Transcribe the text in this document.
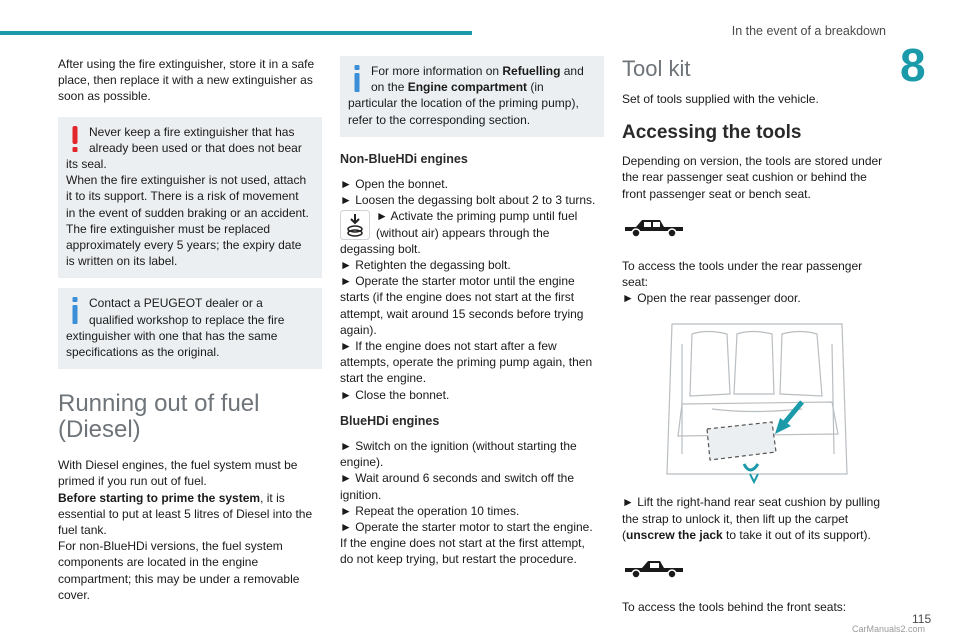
In the event of a breakdown
8

After using the fire extinguisher, store it in a safe
place, then replace it with a new extinguisher as
soon as possible.

Never keep a fire extinguisher that has
already been used or that does not bear
its seal.
When the fire extinguisher is not used, attach
it to its support. There is a risk of movement
in the event of sudden braking or an accident.
The fire extinguisher must be replaced
approximately every 5 years; the expiry date
is written on its label.

Contact a PEUGEOT dealer or a
qualified workshop to replace the fire
extinguisher with one that has the same
specifications as the original.

Running out of fuel
(Diesel)

With Diesel engines, the fuel system must be
primed if you run out of fuel.
Before starting to prime the system, it is
essential to put at least 5 litres of Diesel into the
fuel tank.
For non-BlueHDi versions, the fuel system
components are located in the engine
compartment; this may be under a removable
cover.

For more information on Refuelling and
on the Engine compartment (in
particular the location of the priming pump),
refer to the corresponding section.

Non-BlueHDi engines

► Open the bonnet.
► Loosen the degassing bolt about 2 to 3 turns.

► Activate the priming pump until fuel
(without air) appears through the

degassing bolt.
► Retighten the degassing bolt.
► Operate the starter motor until the engine
starts (if the engine does not start at the first
attempt, wait around 15 seconds before trying
again).
► If the engine does not start after a few
attempts, operate the priming pump again, then
start the engine.
► Close the bonnet.

BlueHDi engines

► Switch on the ignition (without starting the
engine).
► Wait around 6 seconds and switch off the
ignition.
► Repeat the operation 10 times.
► Operate the starter motor to start the engine.
If the engine does not start at the first attempt,
do not keep trying, but restart the procedure.

Tool kit

Set of tools supplied with the vehicle.

Accessing the tools

Depending on version, the tools are stored under
the rear passenger seat cushion or behind the
front passenger seat or bench seat.

To access the tools under the rear passenger
seat:
► Open the rear passenger door.

► Lift the right-hand rear seat cushion by pulling
the strap to unlock it, then lift up the carpet
(unscrew the jack to take it out of its support).

To access the tools behind the front seats:

115
CarManuals2.com
